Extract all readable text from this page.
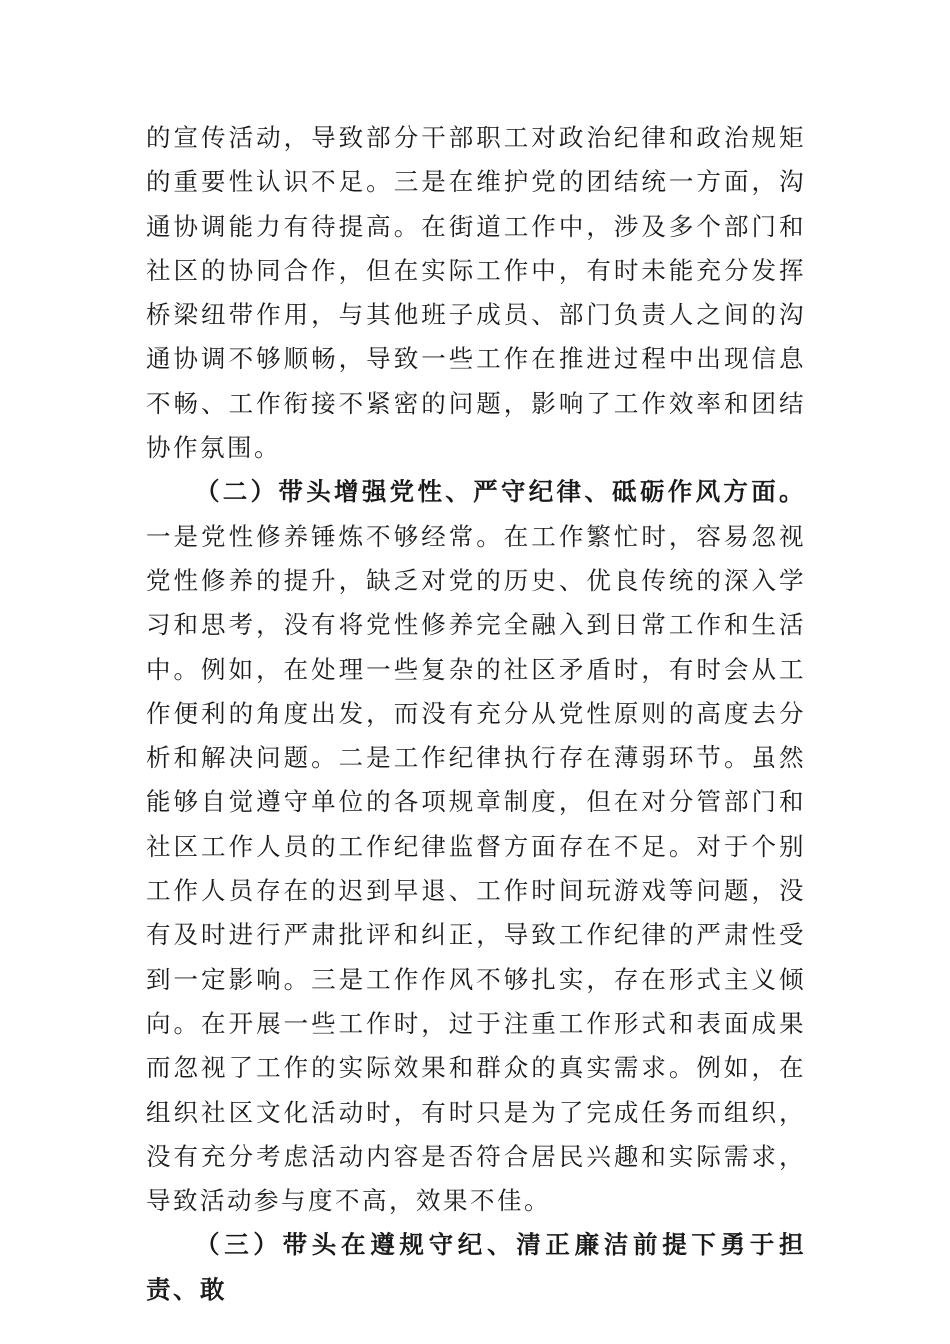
的宣传活动，导致部分干部职工对政治纪律和政治规矩的重要性认识不足。三是在维护党的团结统一方面，沟通协调能力有待提高。在街道工作中，涉及多个部门和社区的协同合作，但在实际工作中，有时未能充分发挥桥梁纽带作用，与其他班子成员、部门负责人之间的沟通协调不够顺畅，导致一些工作在推进过程中出现信息不畅、工作衔接不紧密的问题，影响了工作效率和团结协作氛围。

（二）带头增强党性、严守纪律、砥砺作风方面。一是党性修养锤炼不够经常。在工作繁忙时，容易忽视党性修养的提升，缺乏对党的历史、优良传统的深入学习和思考，没有将党性修养完全融入到日常工作和生活中。例如，在处理一些复杂的社区矛盾时，有时会从工作便利的角度出发，而没有充分从党性原则的高度去分析和解决问题。二是工作纪律执行存在薄弱环节。虽然能够自觉遵守单位的各项规章制度，但在对分管部门和社区工作人员的工作纪律监督方面存在不足。对于个别工作人员存在的迟到早退、工作时间玩游戏等问题，没有及时进行严肃批评和纠正，导致工作纪律的严肃性受到一定影响。三是工作作风不够扎实，存在形式主义倾向。在开展一些工作时，过于注重工作形式和表面成果而忽视了工作的实际效果和群众的真实需求。例如，在组织社区文化活动时，有时只是为了完成任务而组织，没有充分考虑活动内容是否符合居民兴趣和实际需求，导致活动参与度不高，效果不佳。

（三）带头在遵规守纪、清正廉洁前提下勇于担责、敢
